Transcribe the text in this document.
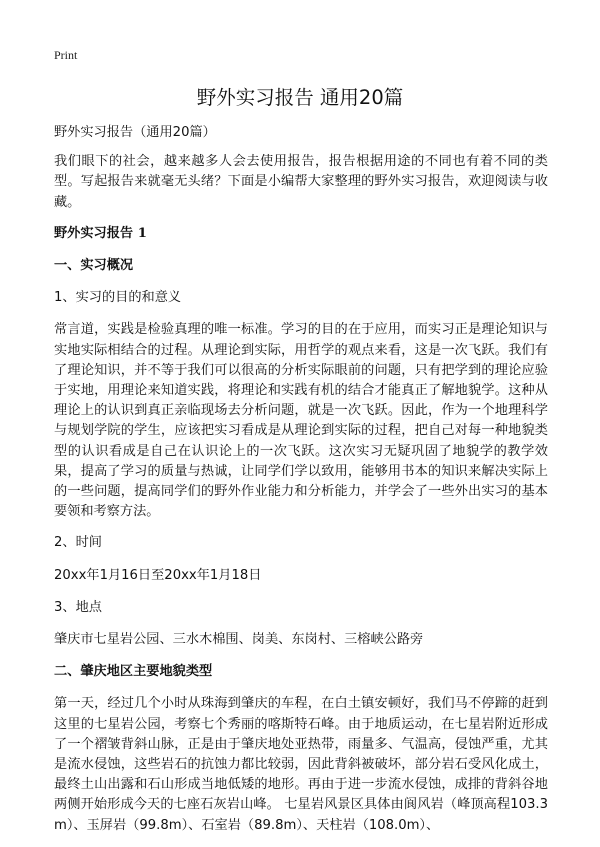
Print
野外实习报告 通用20篇

野外实习报告（通用20篇）

我们眼下的社会，越来越多人会去使用报告，报告根据用途的不同也有着不同的类型。写起报告来就毫无头绪？下面是小编帮大家整理的野外实习报告，欢迎阅读与收藏。

野外实习报告 1

一、实习概况

1、实习的目的和意义

常言道，实践是检验真理的唯一标准。学习的目的在于应用，而实习正是理论知识与实地实际相结合的过程。从理论到实际，用哲学的观点来看，这是一次飞跃。我们有了理论知识，并不等于我们可以很高的分析实际眼前的问题，只有把学到的理论应验于实地，用理论来知道实践，将理论和实践有机的结合才能真正了解地貌学。这种从理论上的认识到真正亲临现场去分析问题，就是一次飞跃。因此，作为一个地理科学与规划学院的学生，应该把实习看成是从理论到实际的过程，把自己对每一种地貌类型的认识看成是自己在认识论上的一次飞跃。这次实习无疑巩固了地貌学的教学效果，提高了学习的质量与热诚，让同学们学以致用，能够用书本的知识来解决实际上的一些问题，提高同学们的野外作业能力和分析能力，并学会了一些外出实习的基本要领和考察方法。

2、时间

20xx年1月16日至20xx年1月18日

3、地点

肇庆市七星岩公园、三水木棉围、岗美、东岗村、三榕峡公路旁

二、肇庆地区主要地貌类型

第一天，经过几个小时从珠海到肇庆的车程，在白土镇安顿好，我们马不停蹄的赶到这里的七星岩公园，考察七个秀丽的喀斯特石峰。由于地质运动，在七星岩附近形成了一个褶皱背斜山脉，正是由于肇庆地处亚热带，雨量多、气温高，侵蚀严重，尤其是流水侵蚀，这些岩石的抗蚀力都比较弱，因此背斜被破坏，部分岩石受风化成土，最终土山出露和石山形成当地低矮的地形。再由于进一步流水侵蚀，成排的背斜谷地两侧开始形成今天的七座石灰岩山峰。 七星岩风景区具体由阆风岩（峰顶高程103.3m）、玉屏岩（99.8m）、石室岩（89.8m）、天柱岩（108.0m）、
